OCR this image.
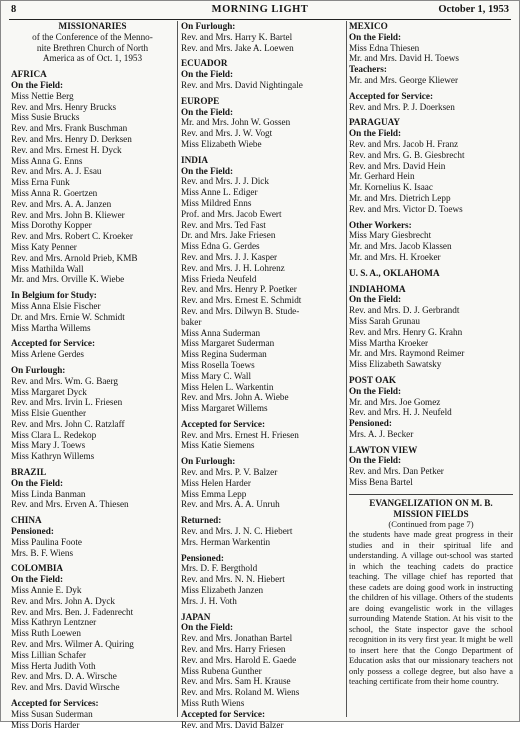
8	MORNING LIGHT	October 1, 1953
MISSIONARIES
of the Conference of the Menno-
nite Brethren Church of North
America as of Oct. 1, 1953
AFRICA
On the Field:
Miss Nettie Berg
Rev. and Mrs. Henry Brucks
Miss Susie Brucks
Rev. and Mrs. Frank Buschman
Rev. and Mrs. Henry D. Derksen
Rev. and Mrs. Ernest H. Dyck
Miss Anna G. Enns
Rev. and Mrs. A. J. Esau
Miss Erna Funk
Miss Anna R. Goertzen
Rev. and Mrs. A. A. Janzen
Rev. and Mrs. John B. Kliewer
Miss Dorothy Kopper
Rev. and Mrs. Robert C. Kroeker
Miss Katy Penner
Rev. and Mrs. Arnold Prieb, KMB
Miss Mathilda Wall
Mr. and Mrs. Orville K. Wiebe
In Belgium for Study:
Miss Anna Elsie Fischer
Dr. and Mrs. Ernie W. Schmidt
Miss Martha Willems
Accepted for Service:
Miss Arlene Gerdes
On Furlough:
Rev. and Mrs. Wm. G. Baerg
Miss Margaret Dyck
Rev. and Mrs. Irvin L. Friesen
Miss Elsie Guenther
Rev. and Mrs. John C. Ratzlaff
Miss Clara L. Redekop
Miss Mary J. Toews
Miss Kathryn Willems
BRAZIL
On the Field:
Miss Linda Banman
Rev. and Mrs. Erven A. Thiesen
CHINA
Pensioned:
Miss Paulina Foote
Mrs. B. F. Wiens
COLOMBIA
On the Field:
Miss Annie E. Dyk
Rev. and Mrs. John A. Dyck
Rev. and Mrs. Ben. J. Fadenrecht
Miss Kathryn Lentzner
Miss Ruth Loewen
Rev. and Mrs. Wilmer A. Quiring
Miss Lillian Schafer
Miss Herta Judith Voth
Rev. and Mrs. D. A. Wirsche
Rev. and Mrs. David Wirsche
Accepted for Services:
Miss Susan Suderman
Miss Doris Harder
On Furlough:
Rev. and Mrs. Harry K. Bartel
Rev. and Mrs. Jake A. Loewen
ECUADOR
On the Field:
Rev. and Mrs. David Nightingale
EUROPE
On the Field:
Mr. and Mrs. John W. Gossen
Rev. and Mrs. J. W. Vogt
Miss Elizabeth Wiebe
INDIA
On the Field:
Rev. and Mrs. J. J. Dick
Miss Anne L. Ediger
Miss Mildred Enns
Prof. and Mrs. Jacob Ewert
Rev. and Mrs. Ted Fast
Dr. and Mrs. Jake Friesen
Miss Edna G. Gerdes
Rev. and Mrs. J. J. Kasper
Rev. and Mrs. J. H. Lohrenz
Miss Frieda Neufeld
Rev. and Mrs. Henry P. Poetker
Rev. and Mrs. Ernest E. Schmidt
Rev. and Mrs. Dilwyn B. Stude-
baker
Miss Anna Suderman
Miss Margaret Suderman
Miss Regina Suderman
Miss Rosella Toews
Miss Mary C. Wall
Miss Helen L. Warkentin
Rev. and Mrs. John A. Wiebe
Miss Margaret Willems
Accepted for Service:
Rev. and Mrs. Ernest H. Friesen
Miss Katie Siemens
On Furlough:
Rev. and Mrs. P. V. Balzer
Miss Helen Harder
Miss Emma Lepp
Rev. and Mrs. A. A. Unruh
Returned:
Rev. and Mrs. J. N. C. Hiebert
Mrs. Herman Warkentin
Pensioned:
Mrs. D. F. Bergthold
Rev. and Mrs. N. N. Hiebert
Miss Elizabeth Janzen
Mrs. J. H. Voth
JAPAN
On the Field:
Rev. and Mrs. Jonathan Bartel
Rev. and Mrs. Harry Friesen
Rev. and Mrs. Harold E. Gaede
Miss Rubena Gunther
Rev. and Mrs. Sam H. Krause
Rev. and Mrs. Roland M. Wiens
Miss Ruth Wiens
Accepted for Service:
Rev. and Mrs. David Balzer
MEXICO
On the Field:
Miss Edna Thiesen
Mr. and Mrs. David H. Toews
Teachers:
Mr. and Mrs. George Kliewer
Accepted for Service:
Rev. and Mrs. P. J. Doerksen
PARAGUAY
On the Field:
Rev. and Mrs. Jacob H. Franz
Rev. and Mrs. G. B. Giesbrecht
Rev. and Mrs. David Hein
Mr. Gerhard Hein
Mr. Kornelius K. Isaac
Mr. and Mrs. Dietrich Lepp
Rev. and Mrs. Victor D. Toews
Other Workers:
Miss Mary Giesbrecht
Mr. and Mrs. Jacob Klassen
Mr. and Mrs. H. Kroeker
U. S. A., OKLAHOMA
INDIAHOMA
On the Field:
Rev. and Mrs. D. J. Gerbrandt
Miss Sarah Grunau
Rev. and Mrs. Henry G. Krahn
Miss Martha Kroeker
Mr. and Mrs. Raymond Reimer
Miss Elizabeth Sawatsky
POST OAK
On the Field:
Mr. and Mrs. Joe Gomez
Rev. and Mrs. H. J. Neufeld
Pensioned:
Mrs. A. J. Becker
LAWTON VIEW
On the Field:
Rev. and Mrs. Dan Petker
Miss Bena Bartel
EVANGELIZATION ON M. B. MISSION FIELDS
(Continued from page 7)
the students have made great progress in their studies and in their spiritual life and understanding. A village out-school was started in which the teaching cadets do practice teaching. The village chief has reported that these cadets are doing good work in instructing the children of his village. Others of the students are doing evangelistic work in the villages surrounding Matende Station. At his visit to the school, the State inspector gave the school recognition in its very first year. It might be well to insert here that the Congo Department of Education asks that our missionary teachers not only possess a college degree, but also have a teaching certificate from their home country.
